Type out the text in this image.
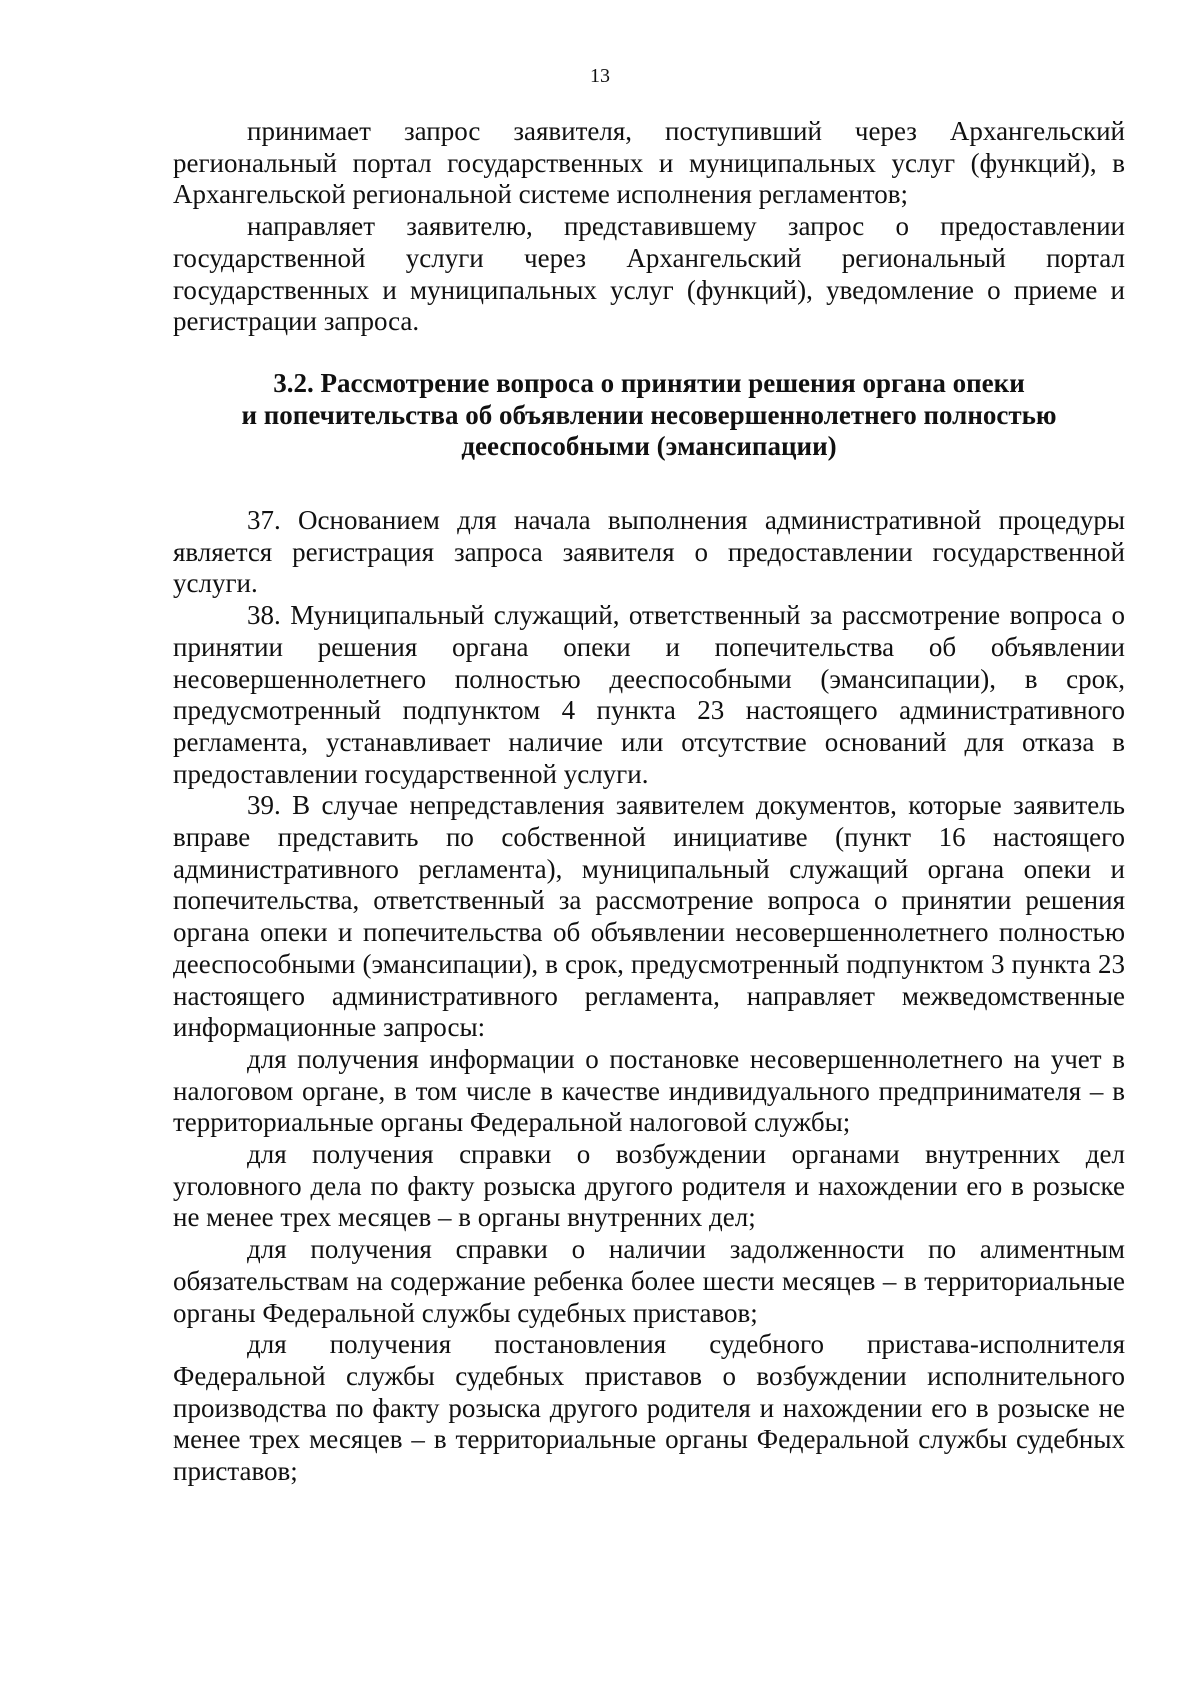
13

принимает запрос заявителя, поступивший через Архангельский региональный портал государственных и муниципальных услуг (функций), в Архангельской региональной системе исполнения регламентов;

направляет заявителю, представившему запрос о предоставлении государственной услуги через Архангельский региональный портал государственных и муниципальных услуг (функций), уведомление о приеме и регистрации запроса.

3.2. Рассмотрение вопроса о принятии решения органа опеки
и попечительства об объявлении несовершеннолетнего полностью
дееспособными (эмансипации)

37. Основанием для начала выполнения административной процедуры является регистрация запроса заявителя о предоставлении государственной услуги.

38. Муниципальный служащий, ответственный за рассмотрение вопроса о принятии решения органа опеки и попечительства об объявлении несовершеннолетнего полностью дееспособными (эмансипации), в срок, предусмотренный подпунктом 4 пункта 23 настоящего административного регламента, устанавливает наличие или отсутствие оснований для отказа в предоставлении государственной услуги.

39. В случае непредставления заявителем документов, которые заявитель вправе представить по собственной инициативе (пункт 16 настоящего административного регламента), муниципальный служащий органа опеки и попечительства, ответственный за рассмотрение вопроса о принятии решения органа опеки и попечительства об объявлении несовершеннолетнего полностью дееспособными (эмансипации), в срок, предусмотренный подпунктом 3 пункта 23 настоящего административного регламента, направляет межведомственные информационные запросы:

для получения информации о постановке несовершеннолетнего на учет в налоговом органе, в том числе в качестве индивидуального предпринимателя – в территориальные органы Федеральной налоговой службы;

для получения справки о возбуждении органами внутренних дел уголовного дела по факту розыска другого родителя и нахождении его в розыске не менее трех месяцев – в органы внутренних дел;

для получения справки о наличии задолженности по алиментным обязательствам на содержание ребенка более шести месяцев – в территориальные органы Федеральной службы судебных приставов;

для получения постановления судебного пристава-исполнителя Федеральной службы судебных приставов о возбуждении исполнительного производства по факту розыска другого родителя и нахождении его в розыске не менее трех месяцев – в территориальные органы Федеральной службы судебных приставов;
